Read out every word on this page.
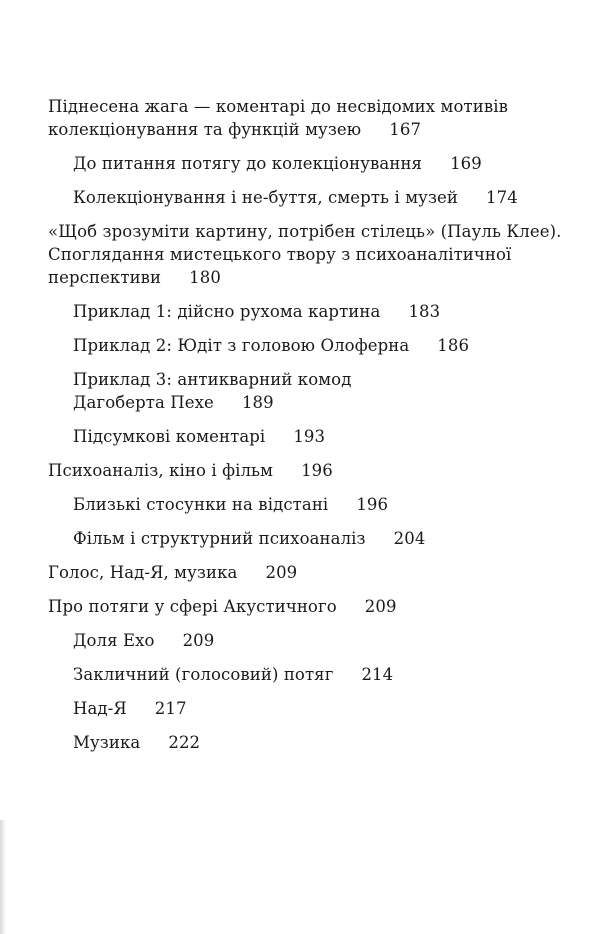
Піднесена жага — коментарі до несвідомих мотивів
колекціонування та функцій музею 167
До питання потягу до колекціонування 169
Колекціонування і не-буття, смерть і музей 174
«Щоб зрозуміти картину, потрібен стілець» (Пауль Клее).
Споглядання мистецького твору з психоаналітичної
перспективи 180
Приклад 1: дійсно рухома картина 183
Приклад 2: Юдіт з головою Олоферна 186
Приклад 3: антикварний комод
Дагоберта Пехе 189
Підсумкові коментарі 193
Психоаналіз, кіно і фільм 196
Близькі стосунки на відстані 196
Фільм і структурний психоаналіз 204
Голос, Над-Я, музика 209
Про потяги у сфері Акустичного 209
Доля Ехо 209
Закличний (голосовий) потяг 214
Над-Я 217
Музика 222
